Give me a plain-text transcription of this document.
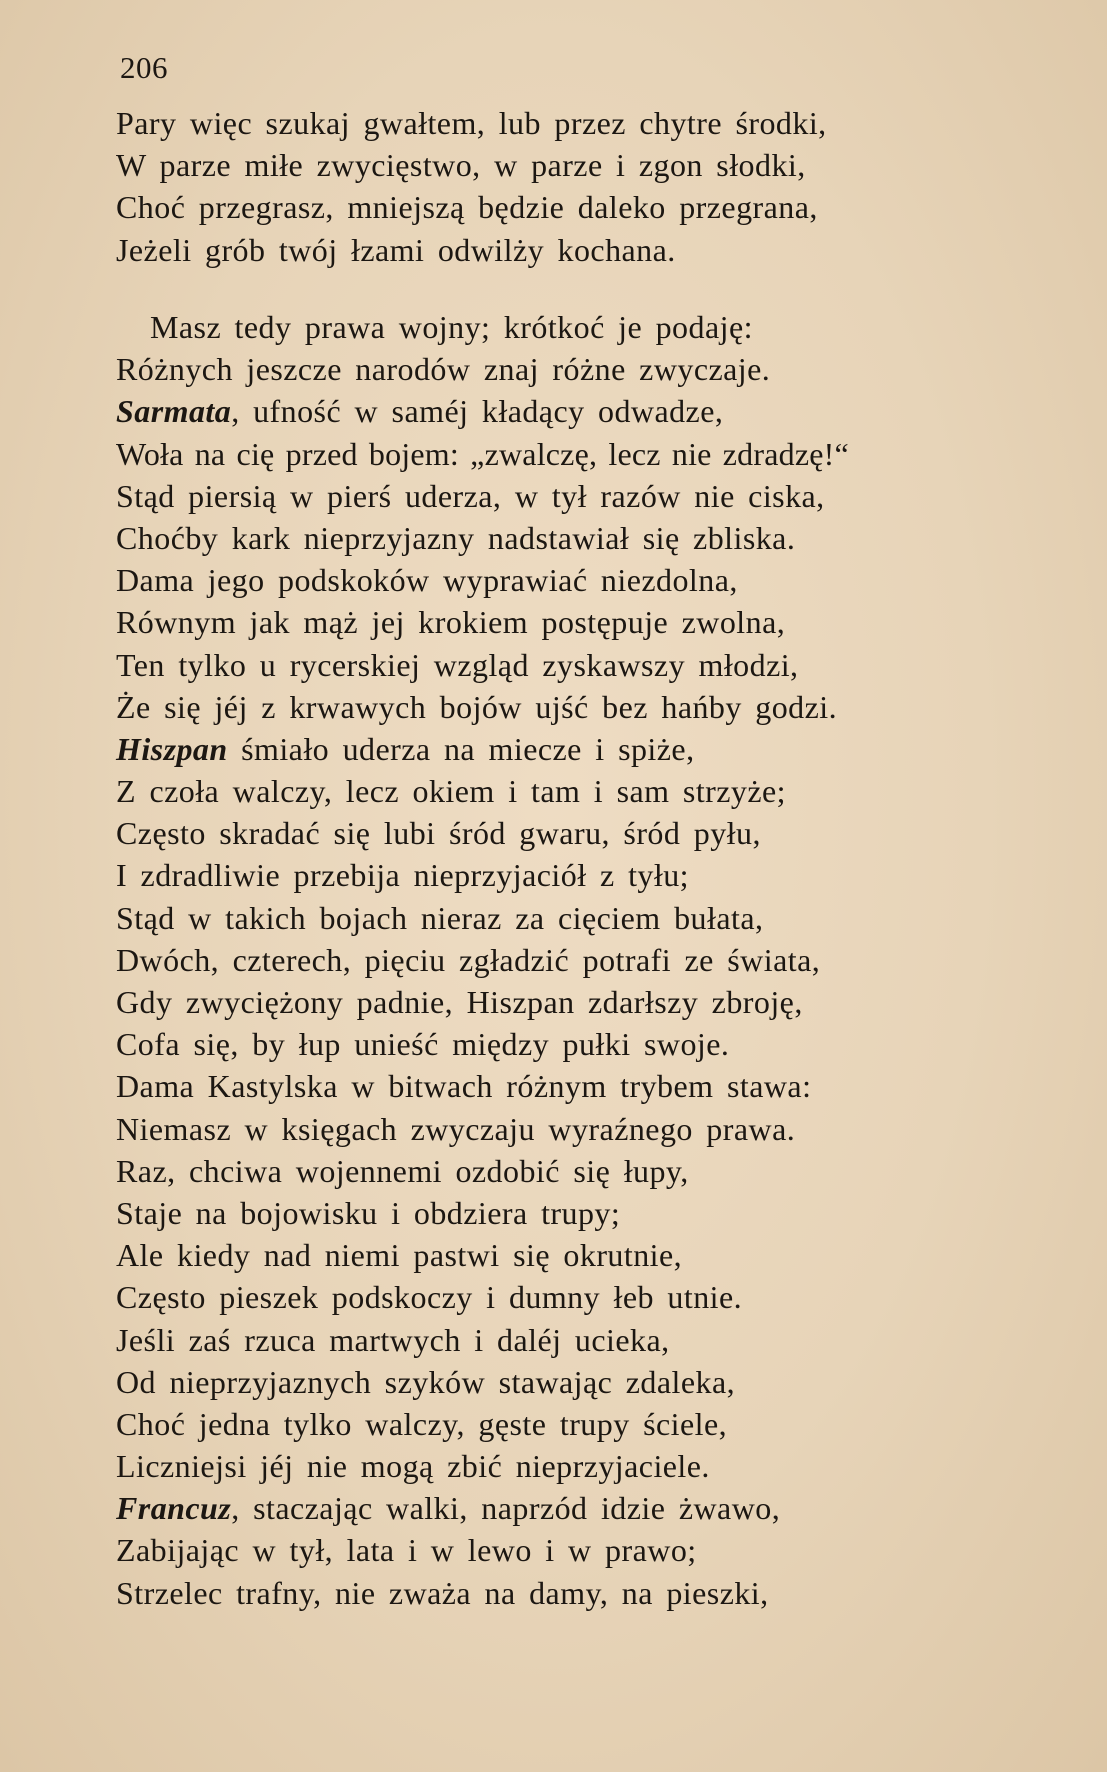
206
Pary więc szukaj gwałtem, lub przez chytre środki,
W parze miłe zwycięstwo, w parze i zgon słodki,
Choć przegrasz, mniejszą będzie daleko przegrana,
Jeżeli grób twój łzami odwilży kochana.
Masz tedy prawa wojny; krótkoć je podaję:
Różnych jeszcze narodów znaj różne zwyczaje.
Sarmata, ufność w saméj kładący odwadze,
Woła na cię przed bojem: „zwalczę, lecz nie zdradzę!“
Stąd piersią w pierś uderza, w tył razów nie ciska,
Choćby kark nieprzyjazny nadstawiał się zbliska.
Dama jego podskoków wyprawiać niezdolna,
Równym jak mąż jej krokiem postępuje zwolna,
Ten tylko u rycerskiej wzgląd zyskawszy młodzi,
Że się jéj z krwawych bojów ujść bez hańby godzi.
Hiszpan śmiało uderza na miecze i spiże,
Z czoła walczy, lecz okiem i tam i sam strzyże;
Często skradać się lubi śród gwaru, śród pyłu,
I zdradliwie przebija nieprzyjaciół z tyłu;
Stąd w takich bojach nieraz za cięciem bułata,
Dwóch, czterech, pięciu zgładzić potrafi ze świata,
Gdy zwyciężony padnie, Hiszpan zdarłszy zbroję,
Cofa się, by łup unieść między pułki swoje.
Dama Kastylska w bitwach różnym trybem stawa:
Niemasz w księgach zwyczaju wyraźnego prawa.
Raz, chciwa wojennemi ozdobić się łupy,
Staje na bojowisku i obdziera trupy;
Ale kiedy nad niemi pastwi się okrutnie,
Często pieszek podskoczy i dumny łeb utnie.
Jeśli zaś rzuca martwych i daléj ucieka,
Od nieprzyjaznych szyków stawając zdaleka,
Choć jedna tylko walczy, gęste trupy ściele,
Liczniejsi jéj nie mogą zbić nieprzyjaciele.
Francuz, staczając walki, naprzód idzie żwawo,
Zabijając w tył, lata i w lewo i w prawo;
Strzelec trafny, nie zważa na damy, na pieszki,
